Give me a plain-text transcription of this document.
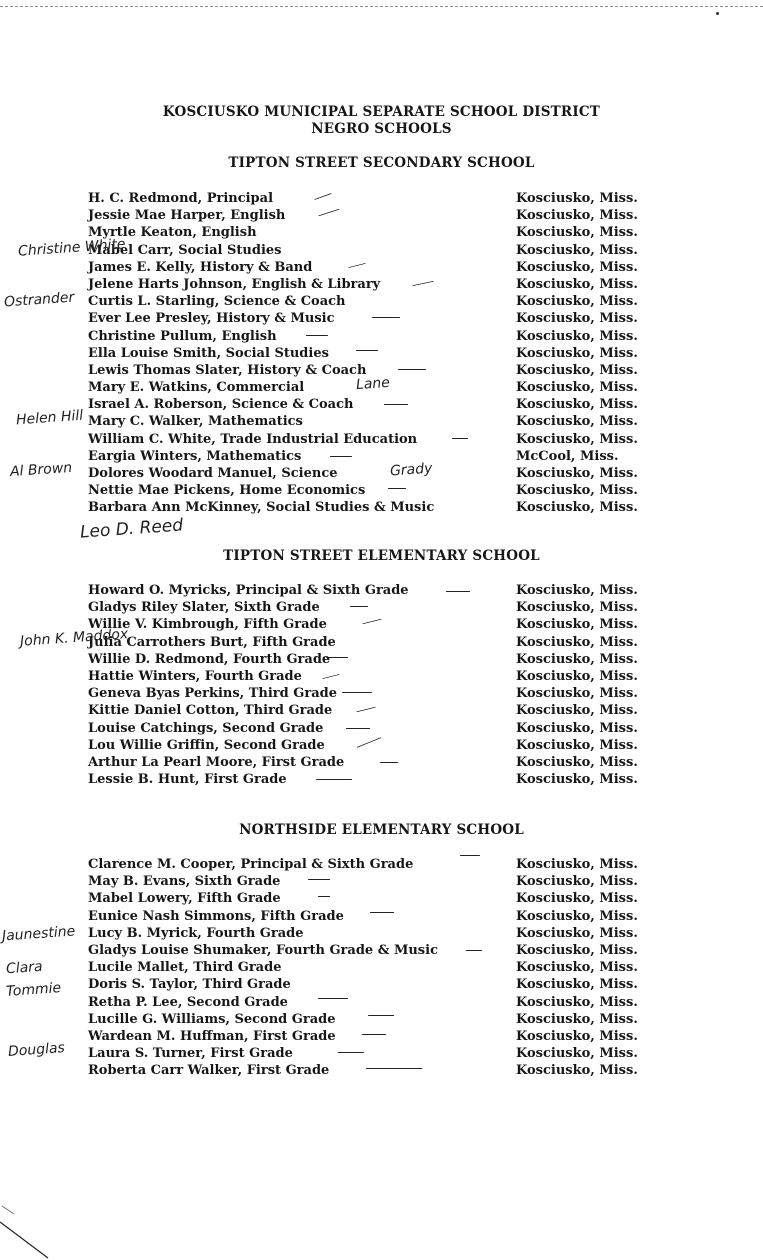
KOSCIUSKO MUNICIPAL SEPARATE SCHOOL DISTRICT
NEGRO SCHOOLS
TIPTON STREET SECONDARY SCHOOL
H. C. Redmond, Principal	Kosciusko, Miss.
Jessie Mae Harper, English	Kosciusko, Miss.
Myrtle Keaton, English	Kosciusko, Miss.
Mabel Carr, Social Studies	Kosciusko, Miss.
James E. Kelly, History & Band	Kosciusko, Miss.
Jelene Harts Johnson, English & Library	Kosciusko, Miss.
Curtis L. Starling, Science & Coach	Kosciusko, Miss.
Ever Lee Presley, History & Music	Kosciusko, Miss.
Christine Pullum, English	Kosciusko, Miss.
Ella Louise Smith, Social Studies	Kosciusko, Miss.
Lewis Thomas Slater, History & Coach	Kosciusko, Miss.
Mary E. Watkins, Commercial	Kosciusko, Miss.
Israel A. Roberson, Science & Coach	Kosciusko, Miss.
Mary C. Walker, Mathematics	Kosciusko, Miss.
William C. White, Trade Industrial Education	Kosciusko, Miss.
Eargia Winters, Mathematics	McCool, Miss.
Dolores Woodard Manuel, Science	Kosciusko, Miss.
Nettie Mae Pickens, Home Economics	Kosciusko, Miss.
Barbara Ann McKinney, Social Studies & Music	Kosciusko, Miss.
TIPTON STREET ELEMENTARY SCHOOL
Howard O. Myricks, Principal & Sixth Grade	Kosciusko, Miss.
Gladys Riley Slater, Sixth Grade	Kosciusko, Miss.
Willie V. Kimbrough, Fifth Grade	Kosciusko, Miss.
Julia Carrothers Burt, Fifth Grade	Kosciusko, Miss.
Willie D. Redmond, Fourth Grade	Kosciusko, Miss.
Hattie Winters, Fourth Grade	Kosciusko, Miss.
Geneva Byas Perkins, Third Grade	Kosciusko, Miss.
Kittie Daniel Cotton, Third Grade	Kosciusko, Miss.
Louise Catchings, Second Grade	Kosciusko, Miss.
Lou Willie Griffin, Second Grade	Kosciusko, Miss.
Arthur La Pearl Moore, First Grade	Kosciusko, Miss.
Lessie B. Hunt, First Grade	Kosciusko, Miss.
NORTHSIDE ELEMENTARY SCHOOL
Clarence M. Cooper, Principal & Sixth Grade	Kosciusko, Miss.
May B. Evans, Sixth Grade	Kosciusko, Miss.
Mabel Lowery, Fifth Grade	Kosciusko, Miss.
Eunice Nash Simmons, Fifth Grade	Kosciusko, Miss.
Lucy B. Myrick, Fourth Grade	Kosciusko, Miss.
Gladys Louise Shumaker, Fourth Grade & Music	Kosciusko, Miss.
Lucile Mallet, Third Grade	Kosciusko, Miss.
Doris S. Taylor, Third Grade	Kosciusko, Miss.
Retha P. Lee, Second Grade	Kosciusko, Miss.
Lucille G. Williams, Second Grade	Kosciusko, Miss.
Wardean M. Huffman, First Grade	Kosciusko, Miss.
Laura S. Turner, First Grade	Kosciusko, Miss.
Roberta Carr Walker, First Grade	Kosciusko, Miss.
Christine White
Ostrander
Lane
Helen Hill
Al Brown	Grady
Leo D. Reed
John K. Maddox
Jaunestine
Clara
Tommie
Douglas
